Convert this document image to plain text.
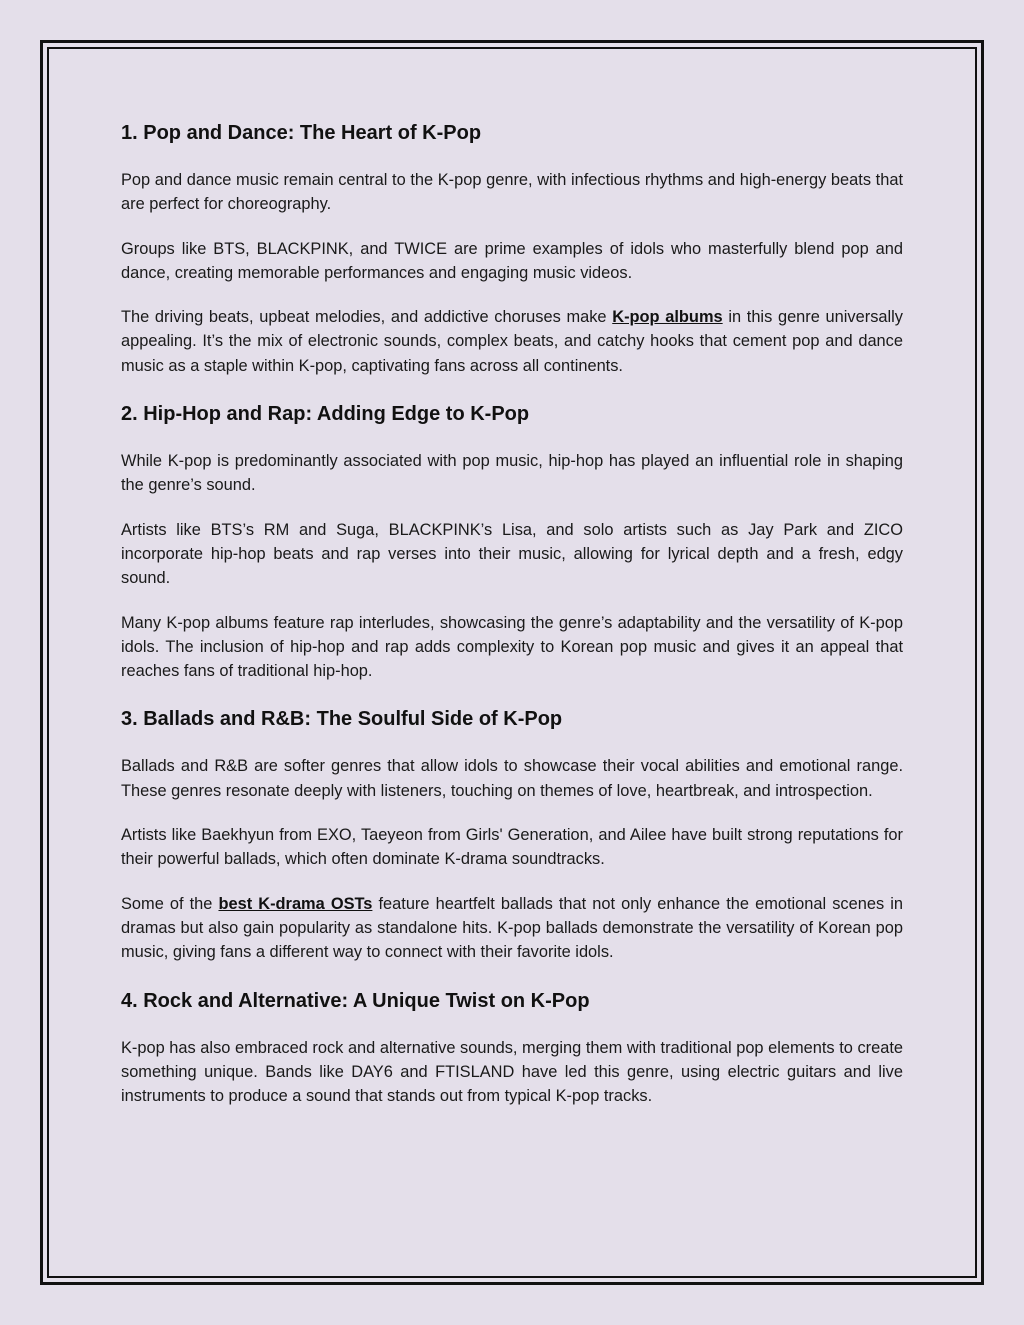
1. Pop and Dance: The Heart of K-Pop

Pop and dance music remain central to the K-pop genre, with infectious rhythms and high-energy beats that are perfect for choreography.

Groups like BTS, BLACKPINK, and TWICE are prime examples of idols who masterfully blend pop and dance, creating memorable performances and engaging music videos.

The driving beats, upbeat melodies, and addictive choruses make K-pop albums in this genre universally appealing. It’s the mix of electronic sounds, complex beats, and catchy hooks that cement pop and dance music as a staple within K-pop, captivating fans across all continents.

2. Hip-Hop and Rap: Adding Edge to K-Pop

While K-pop is predominantly associated with pop music, hip-hop has played an influential role in shaping the genre’s sound.

Artists like BTS’s RM and Suga, BLACKPINK’s Lisa, and solo artists such as Jay Park and ZICO incorporate hip-hop beats and rap verses into their music, allowing for lyrical depth and a fresh, edgy sound.

Many K-pop albums feature rap interludes, showcasing the genre’s adaptability and the versatility of K-pop idols. The inclusion of hip-hop and rap adds complexity to Korean pop music and gives it an appeal that reaches fans of traditional hip-hop.

3. Ballads and R&B: The Soulful Side of K-Pop

Ballads and R&B are softer genres that allow idols to showcase their vocal abilities and emotional range. These genres resonate deeply with listeners, touching on themes of love, heartbreak, and introspection.

Artists like Baekhyun from EXO, Taeyeon from Girls' Generation, and Ailee have built strong reputations for their powerful ballads, which often dominate K-drama soundtracks.

Some of the best K-drama OSTs feature heartfelt ballads that not only enhance the emotional scenes in dramas but also gain popularity as standalone hits. K-pop ballads demonstrate the versatility of Korean pop music, giving fans a different way to connect with their favorite idols.

4. Rock and Alternative: A Unique Twist on K-Pop

K-pop has also embraced rock and alternative sounds, merging them with traditional pop elements to create something unique. Bands like DAY6 and FTISLAND have led this genre, using electric guitars and live instruments to produce a sound that stands out from typical K-pop tracks.
